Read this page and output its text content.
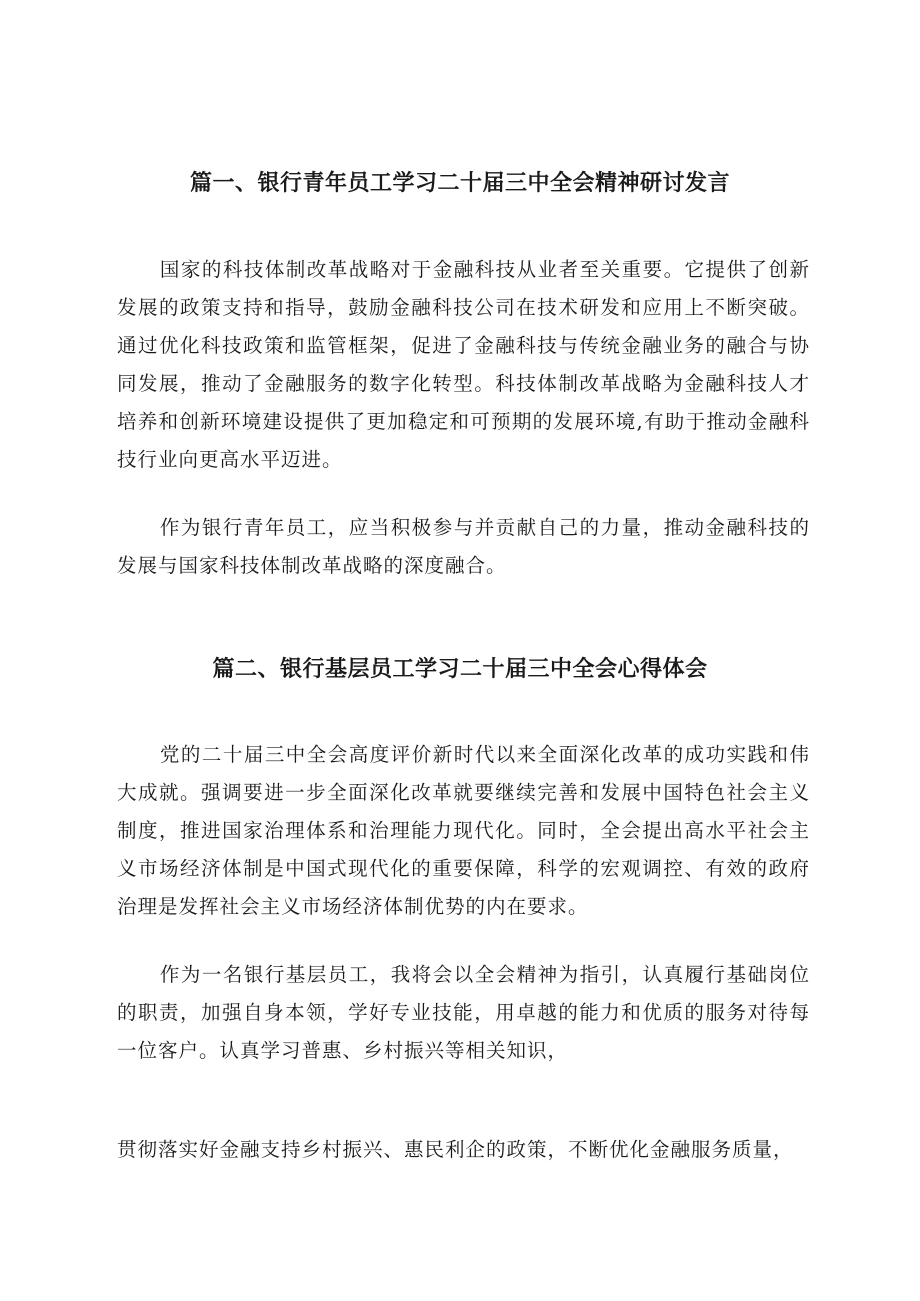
篇一、银行青年员工学习二十届三中全会精神研讨发言

国家的科技体制改革战略对于金融科技从业者至关重要。它提供了创新发展的政策支持和指导，鼓励金融科技公司在技术研发和应用上不断突破。通过优化科技政策和监管框架，促进了金融科技与传统金融业务的融合与协同发展，推动了金融服务的数字化转型。科技体制改革战略为金融科技人才培养和创新环境建设提供了更加稳定和可预期的发展环境,有助于推动金融科技行业向更高水平迈进。

作为银行青年员工，应当积极参与并贡献自己的力量，推动金融科技的发展与国家科技体制改革战略的深度融合。

篇二、银行基层员工学习二十届三中全会心得体会

党的二十届三中全会高度评价新时代以来全面深化改革的成功实践和伟大成就。强调要进一步全面深化改革就要继续完善和发展中国特色社会主义制度，推进国家治理体系和治理能力现代化。同时，全会提出高水平社会主义市场经济体制是中国式现代化的重要保障，科学的宏观调控、有效的政府治理是发挥社会主义市场经济体制优势的内在要求。

作为一名银行基层员工，我将会以全会精神为指引，认真履行基础岗位的职责，加强自身本领，学好专业技能，用卓越的能力和优质的服务对待每一位客户。认真学习普惠、乡村振兴等相关知识，

贯彻落实好金融支持乡村振兴、惠民利企的政策，不断优化金融服务质量，
